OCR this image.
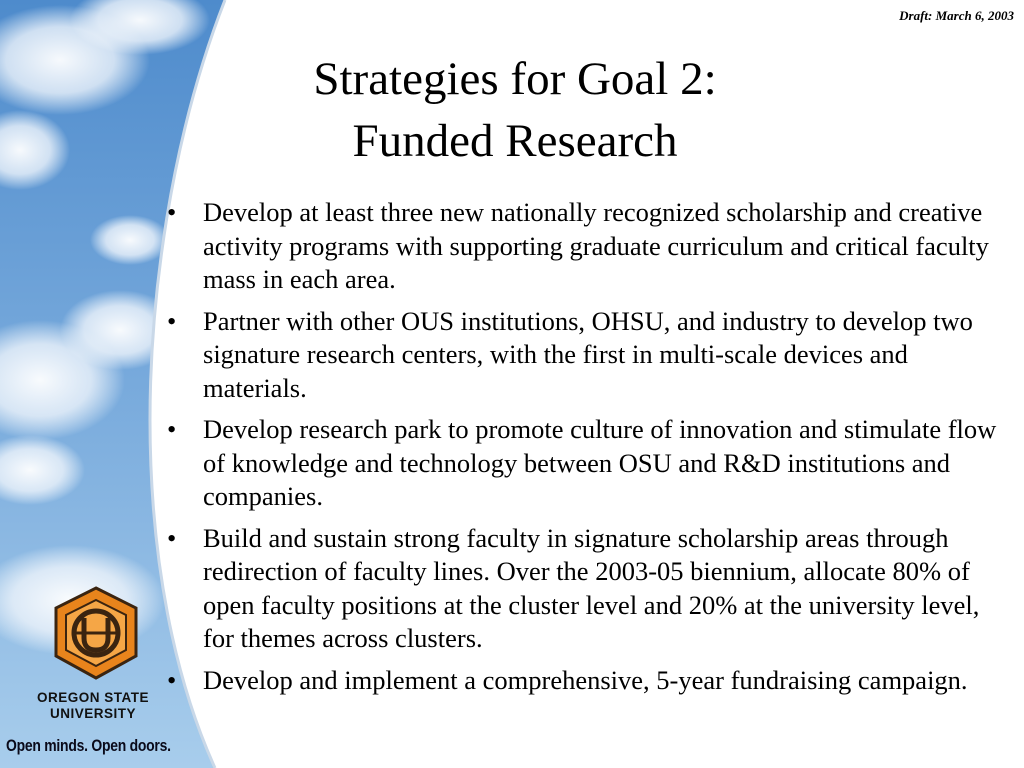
Draft: March 6, 2003
Strategies for Goal 2:
Funded Research
• Develop at least three new nationally recognized scholarship and creative activity programs with supporting graduate curriculum and critical faculty mass in each area.
• Partner with other OUS institutions, OHSU, and industry to develop two signature research centers, with the first in multi-scale devices and materials.
• Develop research park to promote culture of innovation and stimulate flow of knowledge and technology between OSU and R&D institutions and companies.
• Build and sustain strong faculty in signature scholarship areas through redirection of faculty lines. Over the 2003-05 biennium, allocate 80% of open faculty positions at the cluster level and 20% at the university level, for themes across clusters.
• Develop and implement a comprehensive, 5-year fundraising campaign.
OREGON STATE
UNIVERSITY
Open minds. Open doors.
